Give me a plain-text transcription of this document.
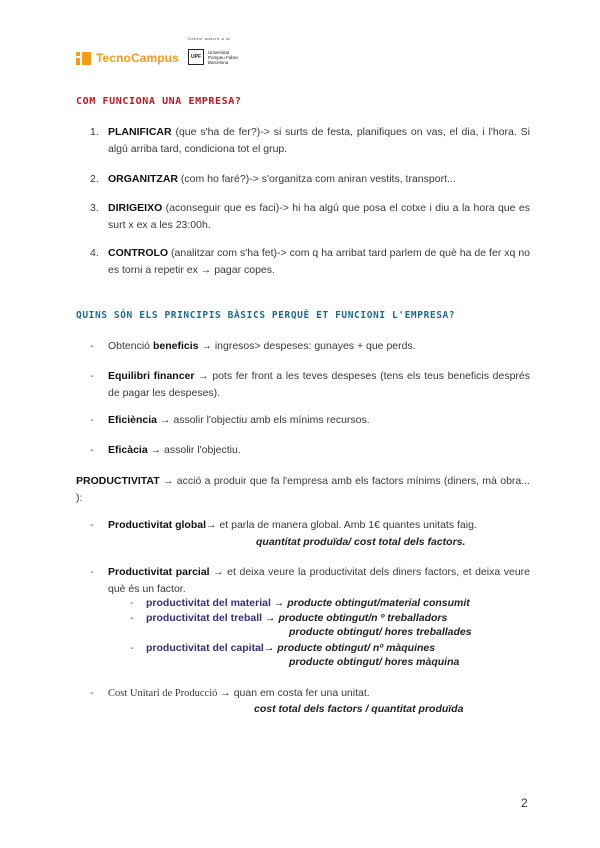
TecnoCampus
Centre adscrit a la
UPF
Universitat
Pompeu Fabra
Barcelona
COM FUNCIONA UNA EMPRESA?
1. PLANIFICAR (que s'ha de fer?)-> si surts de festa, planifiques on vas, el dia, i l'hora. Si algú arriba tard, condiciona tot el grup.
2. ORGANITZAR (com ho faré?)-> s'organitza com aniran vestits, transport...
3. DIRIGEIXO (aconseguir que es faci)-> hi ha algú que posa el cotxe i diu a la hora que es surt x ex a les 23:00h.
4. CONTROLO (analitzar com s'ha fet)-> com q ha arribat tard parlem de què ha de fer xq no es torni a repetir ex → pagar copes.
QUINS SÓN ELS PRINCIPIS BÀSICS PERQUÈ ET FUNCIONI L'EMPRESA?
-	Obtenció beneficis → ingresos> despeses: gunayes + que perds.
-	Equilibri financer → pots fer front a les teves despeses (tens els teus beneficis després de pagar les despeses).
-	Eficiència → assolir l'objectiu amb els mínims recursos.
-	Eficàcia → assolir l'objectiu.
PRODUCTIVITAT → acció a produir que fa l'empresa amb els factors mínims (diners, mà obra... ):
-	Productivitat global→ et parla de manera global. Amb 1€ quantes unitats faig.
quantitat produïda/ cost total dels factors.
-	Productivitat parcial → et deixa veure la productivitat dels diners factors, et deixa veure què és un factor.
-	productivitat del material → producte obtingut/material consumit
-	productivitat del treball → producte obtingut/n º treballadors
producte obtingut/ hores treballades
-	productivitat del capital→ producte obtingut/ nº màquines
producte obtingut/ hores màquina
-	Cost Unitari de Producció → quan em costa fer una unitat.
cost total dels factors / quantitat produïda
2
